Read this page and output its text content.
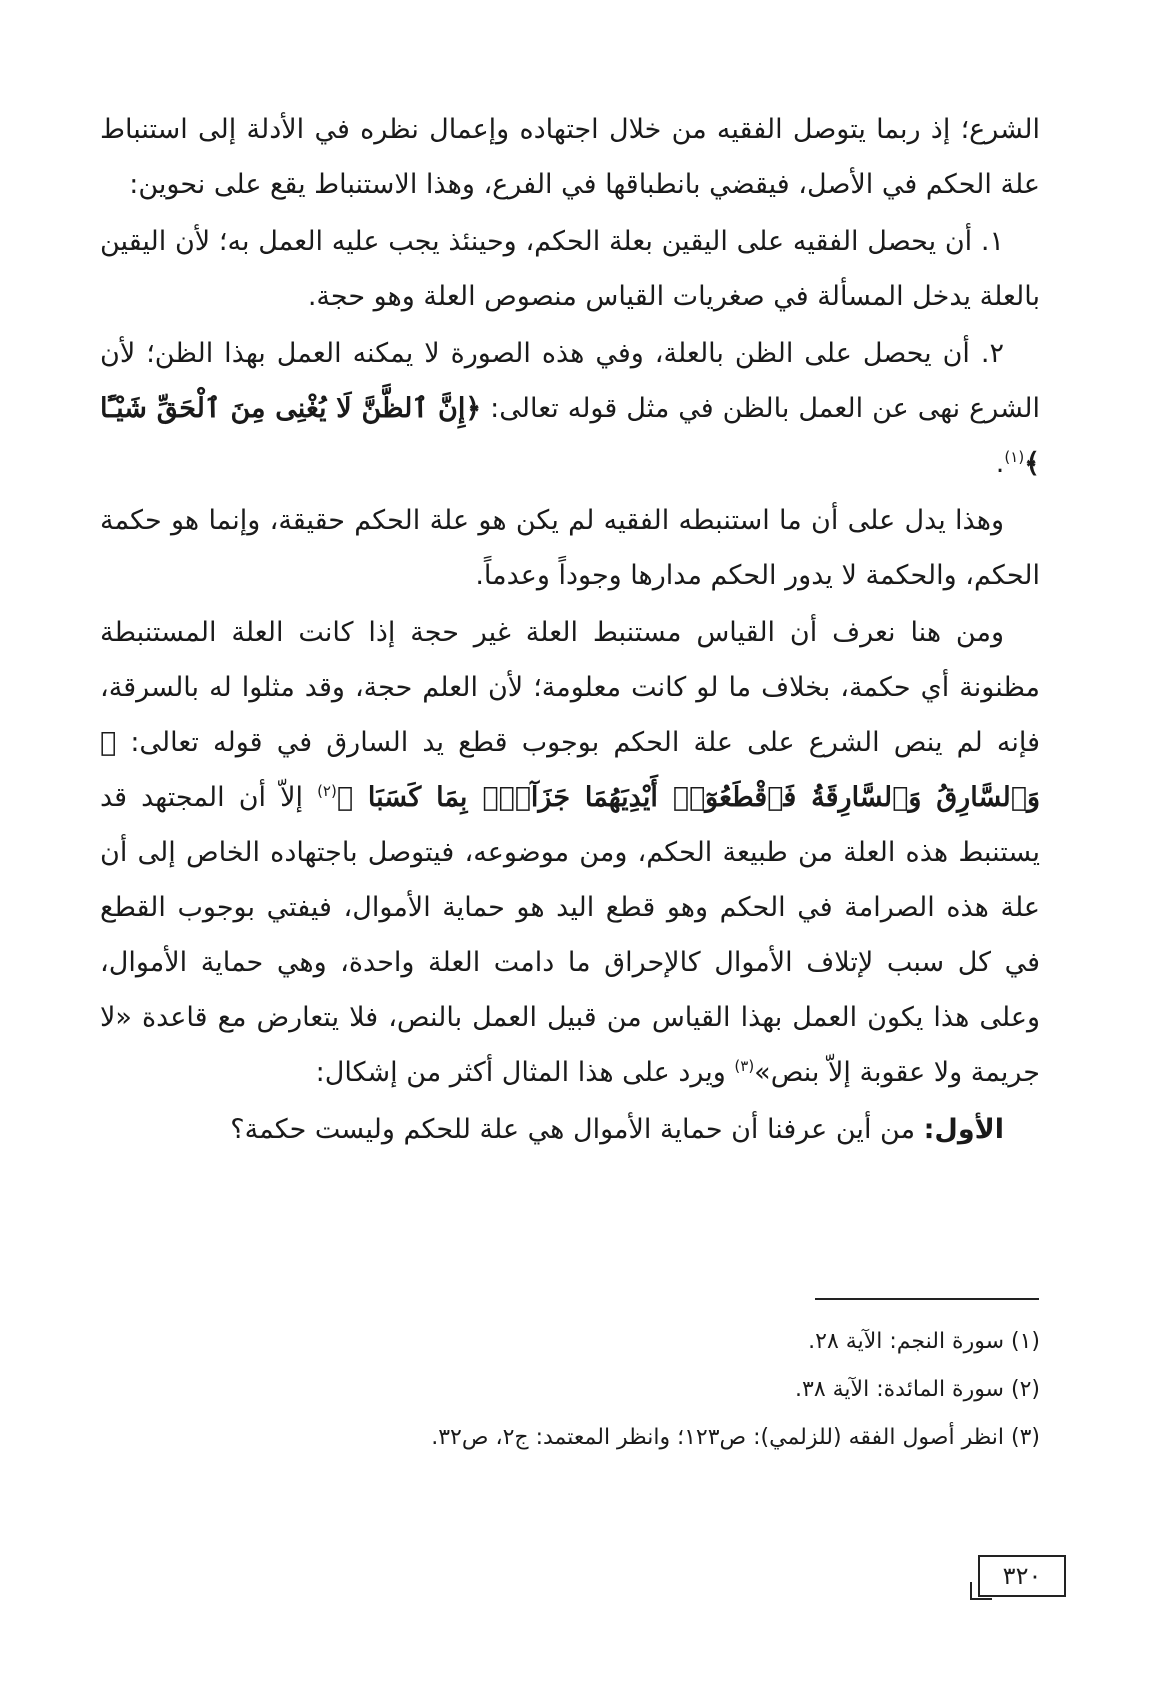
الشرع؛ إذ ربما يتوصل الفقيه من خلال اجتهاده وإعمال نظره في الأدلة إلى استنباط علة الحكم في الأصل، فيقضي بانطباقها في الفرع، وهذا الاستنباط يقع على نحوين:

١. أن يحصل الفقيه على اليقين بعلة الحكم، وحينئذ يجب عليه العمل به؛ لأن اليقين بالعلة يدخل المسألة في صغريات القياس منصوص العلة وهو حجة.

٢. أن يحصل على الظن بالعلة، وفي هذه الصورة لا يمكنه العمل بهذا الظن؛ لأن الشرع نهى عن العمل بالظن في مثل قوله تعالى: ﴿إِنَّ ٱلظَّنَّ لَا يُغْنِى مِنَ ٱلْحَقِّ شَيْـًٔا ﴾$^{(١)}$.

وهذا يدل على أن ما استنبطه الفقيه لم يكن هو علة الحكم حقيقة، وإنما هو حكمة الحكم، والحكمة لا يدور الحكم مدارها وجوداً وعدماً.

ومن هنا نعرف أن القياس مستنبط العلة غير حجة إذا كانت العلة المستنبطة مظنونة أي حكمة، بخلاف ما لو كانت معلومة؛ لأن العلم حجة، وقد مثلوا له بالسرقة، فإنه لم ينص الشرع على علة الحكم بوجوب قطع يد السارق في قوله تعالى: ﴿ وَٱلسَّارِقُ وَٱلسَّارِقَةُ فَٱقْطَعُوٓا۟ أَيْدِيَهُمَا جَزَآءًۢ بِمَا كَسَبَا ﴾$^{(٢)}$ إلاّ أن المجتهد قد يستنبط هذه العلة من طبيعة الحكم، ومن موضوعه، فيتوصل باجتهاده الخاص إلى أن علة هذه الصرامة في الحكم وهو قطع اليد هو حماية الأموال، فيفتي بوجوب القطع في كل سبب لإتلاف الأموال كالإحراق ما دامت العلة واحدة، وهي حماية الأموال، وعلى هذا يكون العمل بهذا القياس من قبيل العمل بالنص، فلا يتعارض مع قاعدة «لا جريمة ولا عقوبة إلاّ بنص»$^{(٣)}$ ويرد على هذا المثال أكثر من إشكال:

الأول: من أين عرفنا أن حماية الأموال هي علة للحكم وليست حكمة؟

(١) سورة النجم: الآية ٢٨.
(٢) سورة المائدة: الآية ٣٨.
(٣) انظر أصول الفقه (للزلمي): ص١٢٣؛ وانظر المعتمد: ج٢، ص٣٢.
٣٢٠
